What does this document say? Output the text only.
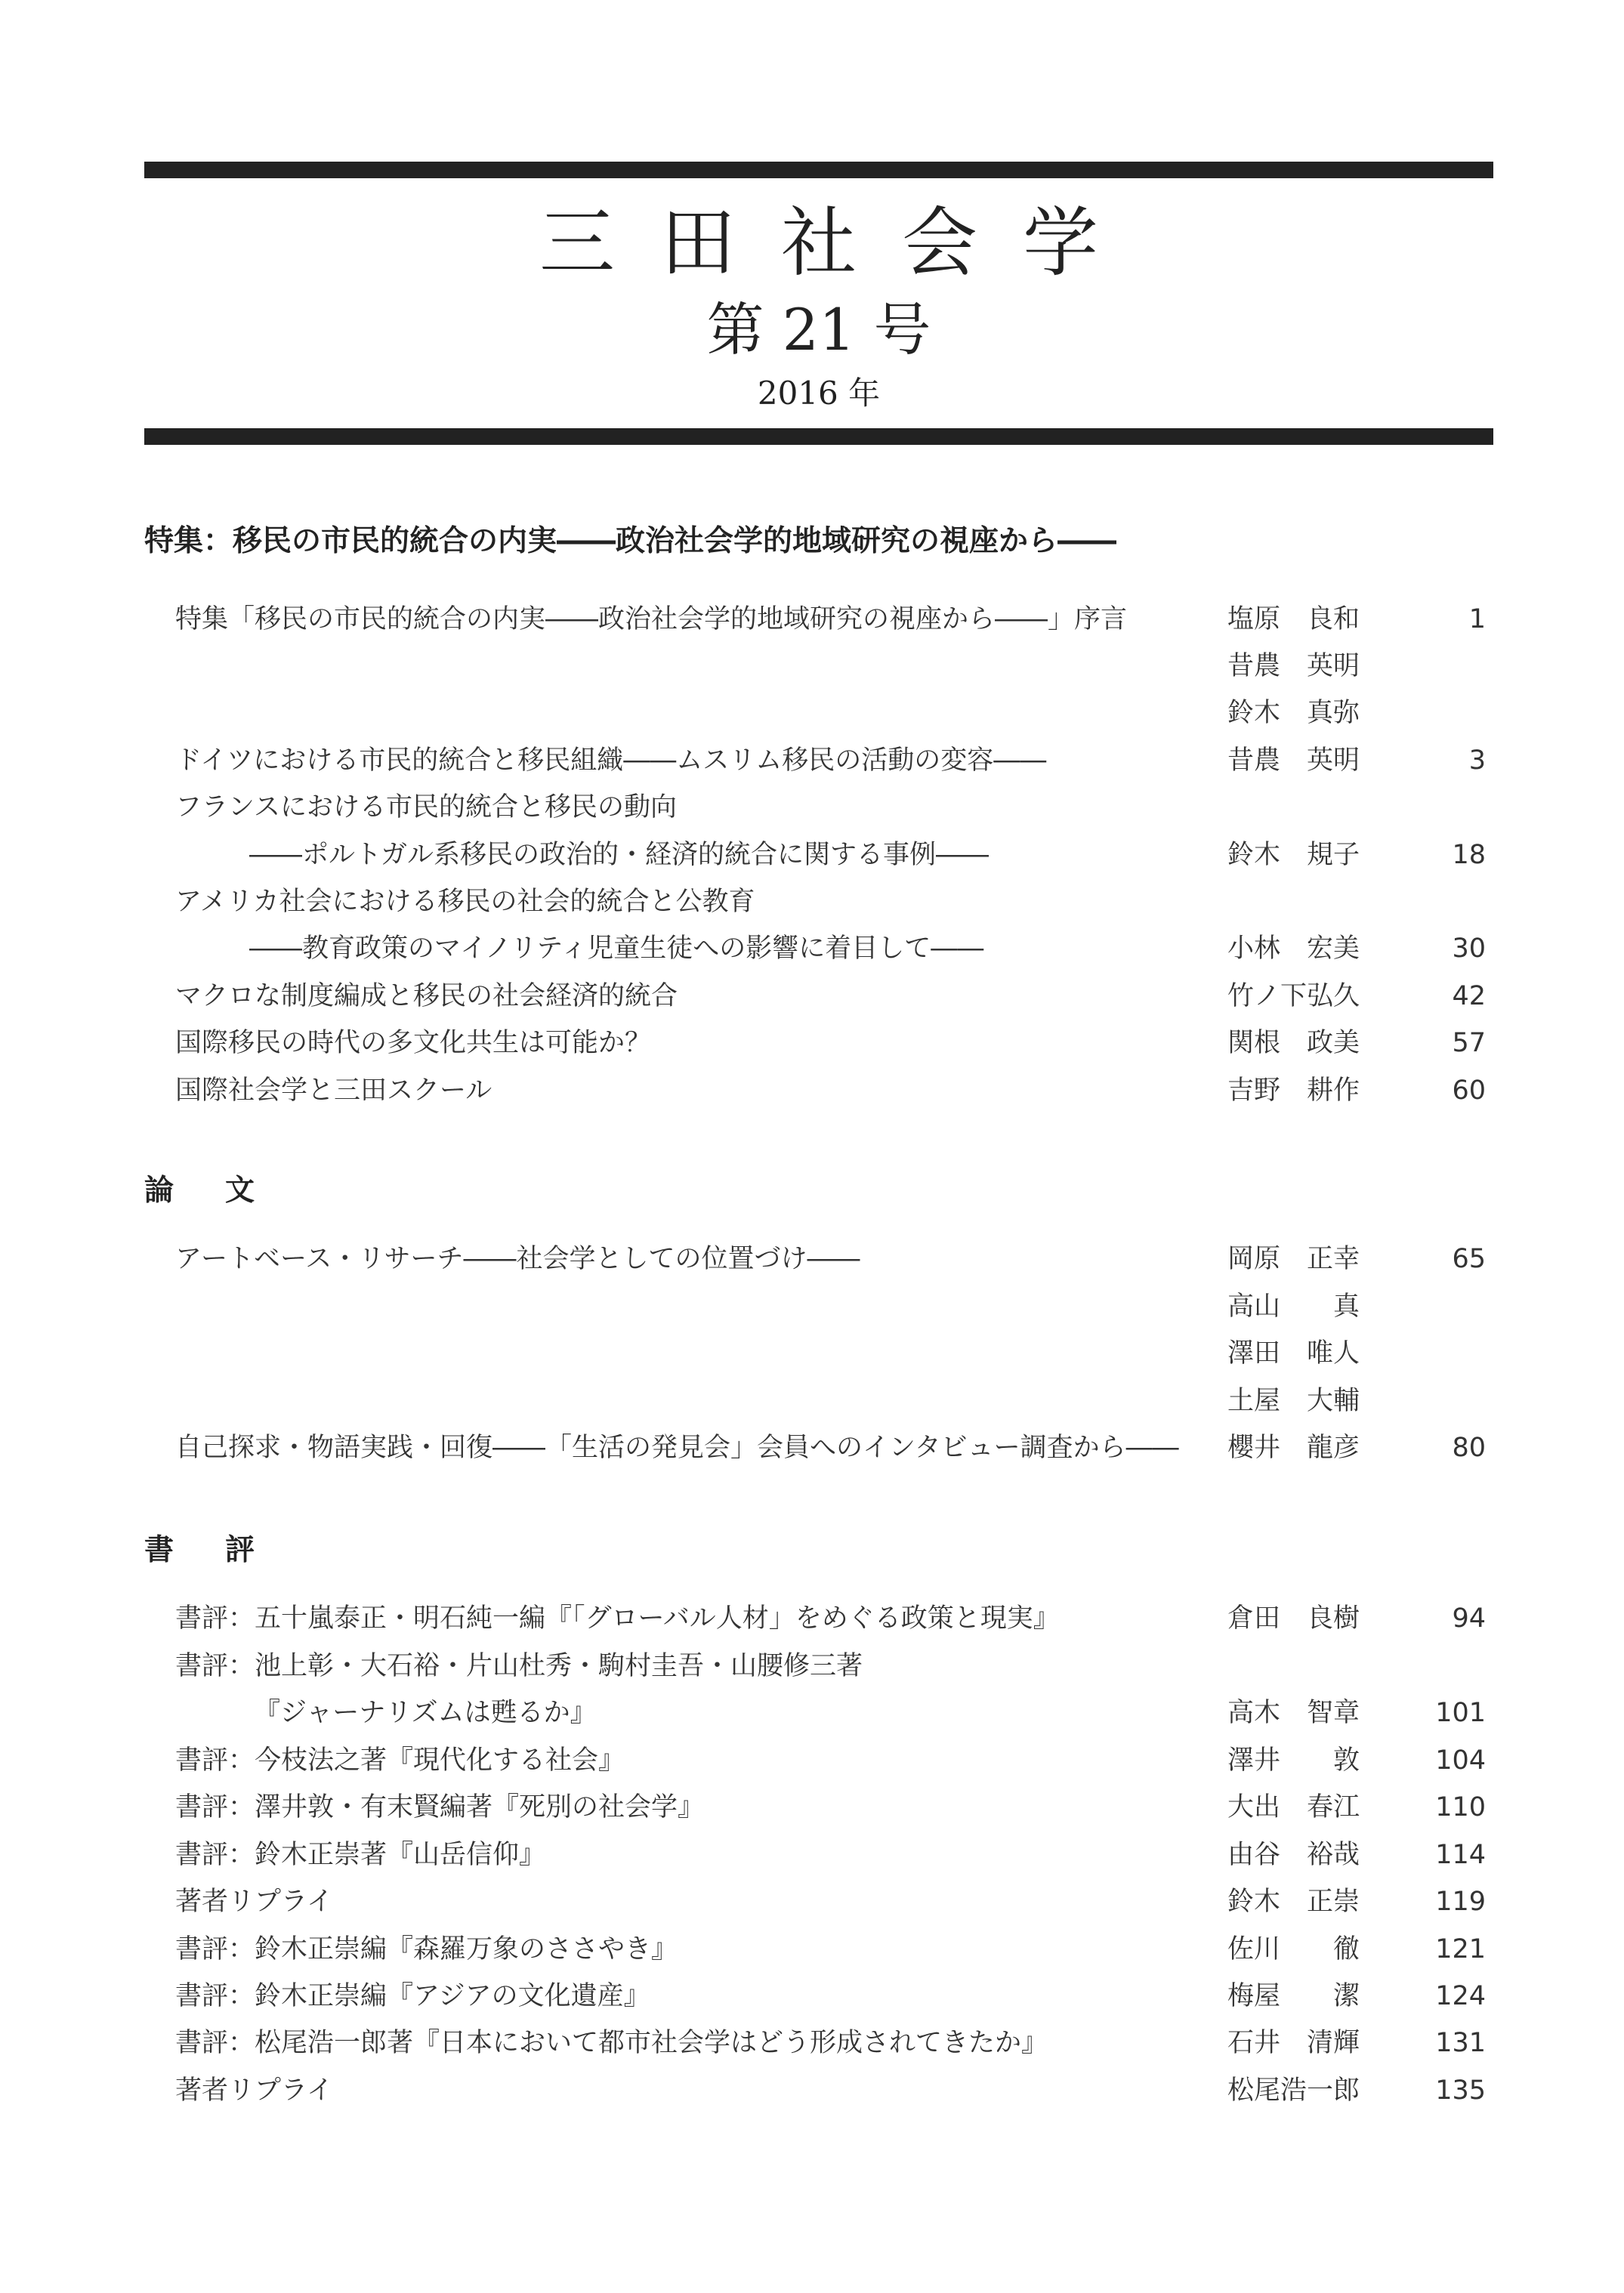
三田社会学
第 21 号
2016 年
特集：移民の市民的統合の内実――政治社会学的地域研究の視座から――
特集「移民の市民的統合の内実――政治社会学的地域研究の視座から――」序言	塩原　良和	1
昔農　英明
鈴木　真弥
ドイツにおける市民的統合と移民組織――ムスリム移民の活動の変容――	昔農　英明	3
フランスにおける市民的統合と移民の動向
――ポルトガル系移民の政治的・経済的統合に関する事例――	鈴木　規子	18
アメリカ社会における移民の社会的統合と公教育
――教育政策のマイノリティ児童生徒への影響に着目して――	小林　宏美	30
マクロな制度編成と移民の社会経済的統合	竹ノ下弘久	42
国際移民の時代の多文化共生は可能か？	関根　政美	57
国際社会学と三田スクール	吉野　耕作	60
論文
アートベース・リサーチ――社会学としての位置づけ――	岡原　正幸	65
高山　　真
澤田　唯人
土屋　大輔
自己探求・物語実践・回復――「生活の発見会」会員へのインタビュー調査から―― 櫻井　龍彦	80
書評
書評：五十嵐泰正・明石純一編『「グローバル人材」をめぐる政策と現実』	倉田　良樹	94
書評：池上彰・大石裕・片山杜秀・駒村圭吾・山腰修三著
『ジャーナリズムは甦るか』	高木　智章	101
書評：今枝法之著『現代化する社会』	澤井　　敦	104
書評：澤井敦・有末賢編著『死別の社会学』	大出　春江	110
書評：鈴木正崇著『山岳信仰』	由谷　裕哉	114
著者リプライ	鈴木　正崇	119
書評：鈴木正崇編『森羅万象のささやき』	佐川　　徹	121
書評：鈴木正崇編『アジアの文化遺産』	梅屋　　潔	124
書評：松尾浩一郎著『日本において都市社会学はどう形成されてきたか』	石井　清輝	131
著者リプライ	松尾浩一郎	135
